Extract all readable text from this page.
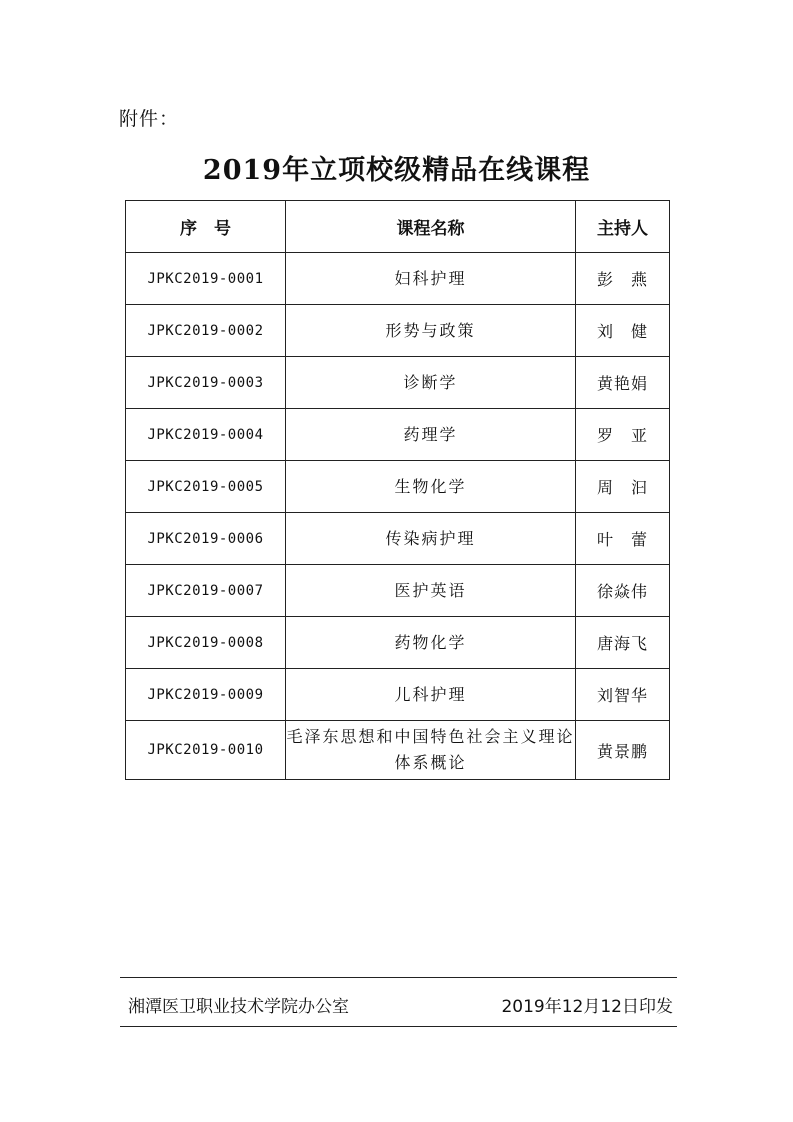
附件：
2019年立项校级精品在线课程
序　号	课程名称	主持人
JPKC2019-0001	妇科护理	彭　燕
JPKC2019-0002	形势与政策	刘　健
JPKC2019-0003	诊断学	黄艳娟
JPKC2019-0004	药理学	罗　亚
JPKC2019-0005	生物化学	周　汩
JPKC2019-0006	传染病护理	叶　蕾
JPKC2019-0007	医护英语	徐焱伟
JPKC2019-0008	药物化学	唐海飞
JPKC2019-0009	儿科护理	刘智华
JPKC2019-0010	毛泽东思想和中国特色社会主义理论体系概论	黄景鹏
湘潭医卫职业技术学院办公室	2019年12月12日印发
